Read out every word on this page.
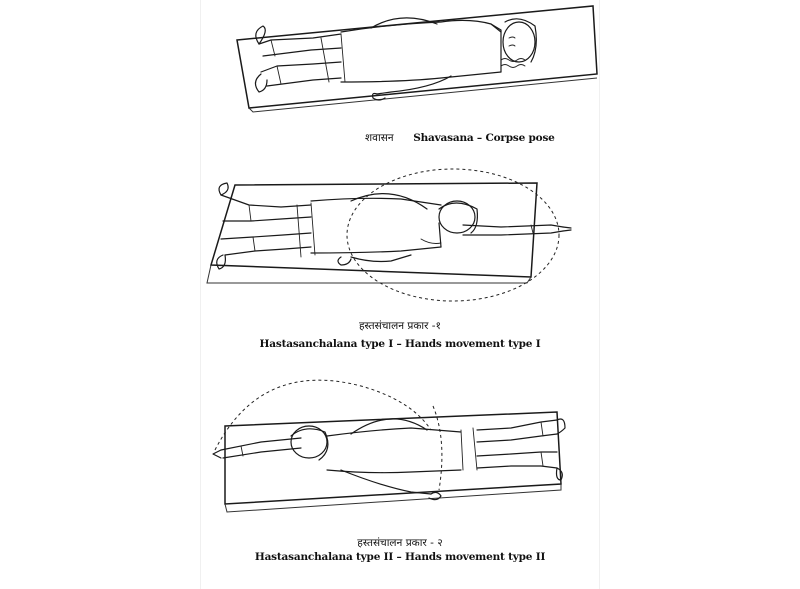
शवासन Shavasana – Corpse pose
हस्तसंचालन प्रकार -१
Hastasanchalana type I – Hands movement type I
हस्तसंचालन प्रकार - २
Hastasanchalana type II – Hands movement type II
